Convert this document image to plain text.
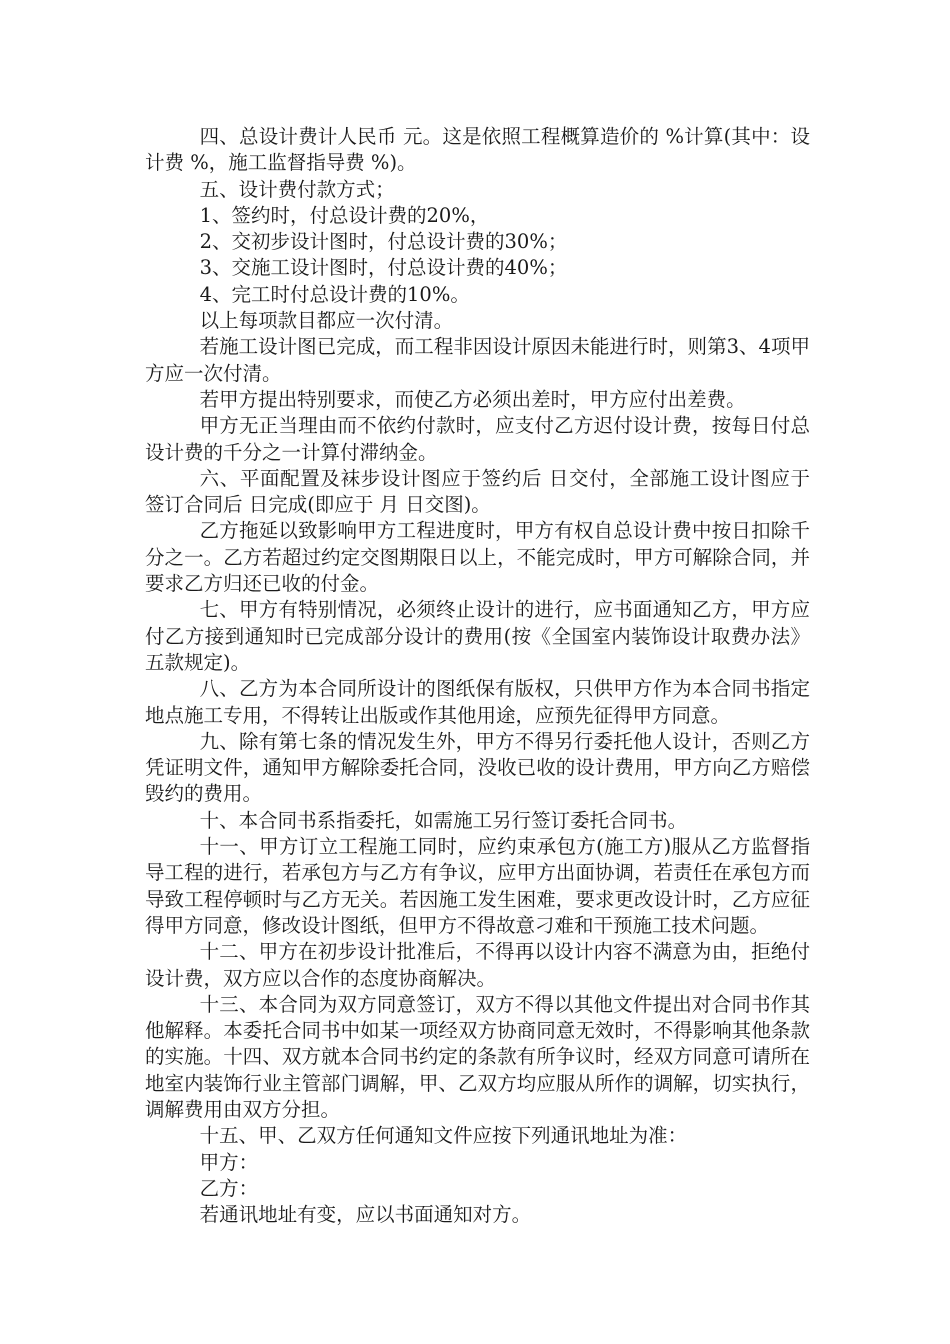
四、总设计费计人民币 元。这是依照工程概算造价的 %计算(其中：设计费 %，施工监督指导费 %)。

五、设计费付款方式；

1、签约时，付总设计费的20%，

2、交初步设计图时，付总设计费的30%；

3、交施工设计图时，付总设计费的40%；

4、完工时付总设计费的10%。

以上每项款目都应一次付清。

若施工设计图已完成，而工程非因设计原因未能进行时，则第3、4项甲方应一次付清。

若甲方提出特别要求，而使乙方必须出差时，甲方应付出差费。

甲方无正当理由而不依约付款时，应支付乙方迟付设计费，按每日付总设计费的千分之一计算付滞纳金。

六、平面配置及袜步设计图应于签约后 日交付，全部施工设计图应于签订合同后 日完成(即应于 月 日交图)。

乙方拖延以致影响甲方工程进度时，甲方有权自总设计费中按日扣除千分之一。乙方若超过约定交图期限日以上，不能完成时，甲方可解除合同，并要求乙方归还已收的付金。

七、甲方有特别情况，必须终止设计的进行，应书面通知乙方，甲方应付乙方接到通知时已完成部分设计的费用(按《全国室内装饰设计取费办法》五款规定)。

八、乙方为本合同所设计的图纸保有版权，只供甲方作为本合同书指定地点施工专用，不得转让出版或作其他用途，应预先征得甲方同意。

九、除有第七条的情况发生外，甲方不得另行委托他人设计，否则乙方凭证明文件，通知甲方解除委托合同，没收已收的设计费用，甲方向乙方赔偿毁约的费用。

十、本合同书系指委托，如需施工另行签订委托合同书。

十一、甲方订立工程施工同时，应约束承包方(施工方)服从乙方监督指导工程的进行，若承包方与乙方有争议，应甲方出面协调，若责任在承包方而导致工程停顿时与乙方无关。若因施工发生困难，要求更改设计时，乙方应征得甲方同意，修改设计图纸，但甲方不得故意刁难和干预施工技术问题。

十二、甲方在初步设计批准后，不得再以设计内容不满意为由，拒绝付设计费，双方应以合作的态度协商解决。

十三、本合同为双方同意签订，双方不得以其他文件提出对合同书作其他解释。本委托合同书中如某一项经双方协商同意无效时，不得影响其他条款的实施。十四、双方就本合同书约定的条款有所争议时，经双方同意可请所在地室内装饰行业主管部门调解，甲、乙双方均应服从所作的调解，切实执行，调解费用由双方分担。

十五、甲、乙双方任何通知文件应按下列通讯地址为准：

甲方：

乙方：

若通讯地址有变，应以书面通知对方。
